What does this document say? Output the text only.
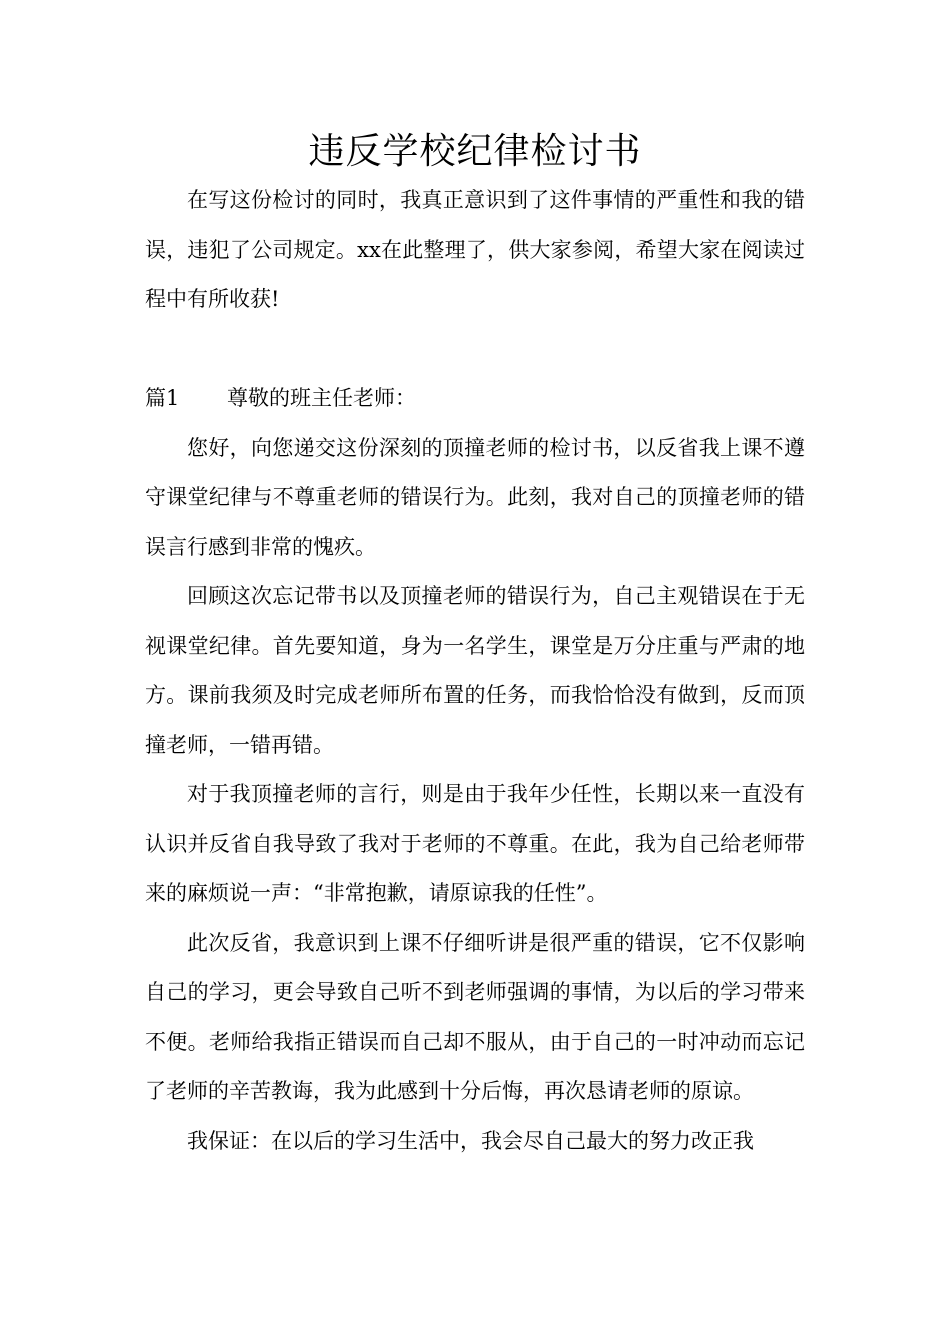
违反学校纪律检讨书

在写这份检讨的同时，我真正意识到了这件事情的严重性和我的错误，违犯了公司规定。xx在此整理了，供大家参阅，希望大家在阅读过程中有所收获!

篇1	尊敬的班主任老师：

您好，向您递交这份深刻的顶撞老师的检讨书，以反省我上课不遵守课堂纪律与不尊重老师的错误行为。此刻，我对自己的顶撞老师的错误言行感到非常的愧疚。

回顾这次忘记带书以及顶撞老师的错误行为，自己主观错误在于无视课堂纪律。首先要知道，身为一名学生，课堂是万分庄重与严肃的地方。课前我须及时完成老师所布置的任务，而我恰恰没有做到，反而顶撞老师，一错再错。

对于我顶撞老师的言行，则是由于我年少任性，长期以来一直没有认识并反省自我导致了我对于老师的不尊重。在此，我为自己给老师带来的麻烦说一声：“非常抱歉，请原谅我的任性”。

此次反省，我意识到上课不仔细听讲是很严重的错误，它不仅影响自己的学习，更会导致自己听不到老师强调的事情，为以后的学习带来不便。老师给我指正错误而自己却不服从，由于自己的一时冲动而忘记了老师的辛苦教诲，我为此感到十分后悔，再次恳请老师的原谅。

我保证：在以后的学习生活中，我会尽自己最大的努力改正我
